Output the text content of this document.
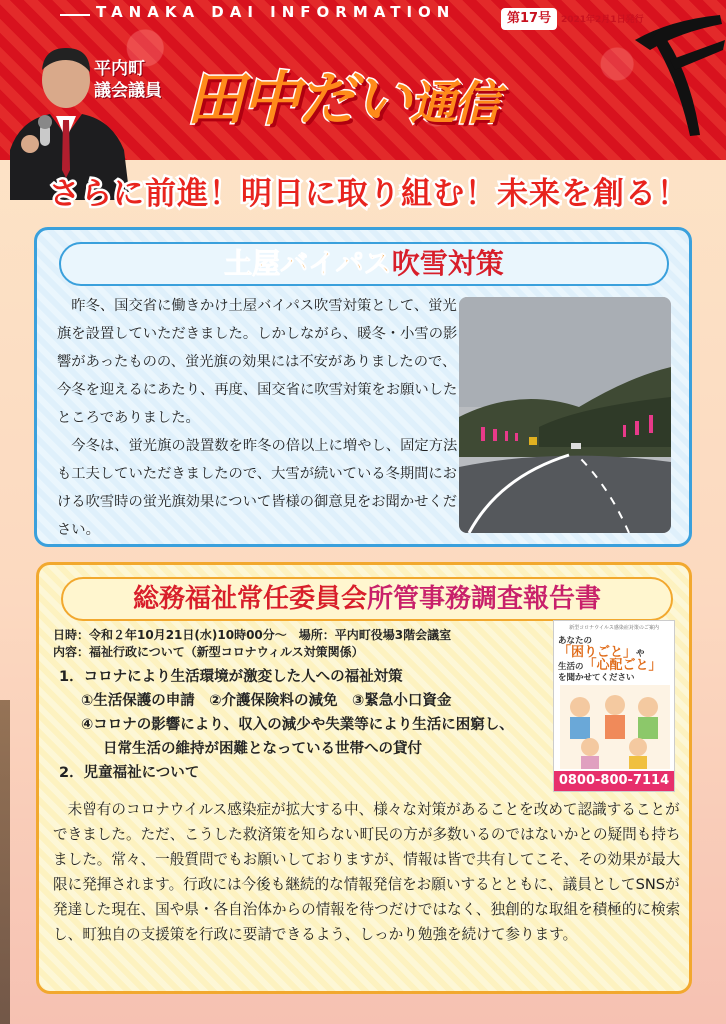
TANAKA DAI INFORMATION	第17号	2021年2月1日発行
平内町
議会議員 田中だい通信
さらに前進！明日に取り組む！未来を創る！
土屋バイパス吹雪対策

昨冬、国交省に働きかけ土屋バイパス吹雪対策として、蛍光旗を設置していただきました。しかしながら、暖冬・小雪の影響があったものの、蛍光旗の効果には不安がありましたので、今冬を迎えるにあたり、再度、国交省に吹雪対策をお願いしたところでありました。

今冬は、蛍光旗の設置数を昨冬の倍以上に増やし、固定方法も工夫していただきましたので、大雪が続いている冬期間における吹雪時の蛍光旗効果について皆様の御意見をお聞かせください。

総務福祉常任委員会所管事務調査報告書
日時：令和２年10月21日(水)10時00分～　場所：平内町役場3階会議室
内容：福祉行政について（新型コロナウィルス対策関係）
1．コロナにより生活環境が激変した人への福祉対策
①生活保護の申請　②介護保険料の減免　③緊急小口資金
④コロナの影響により、収入の減少や失業等により生活に困窮し、
日常生活の維持が困難となっている世帯への貸付
2．児童福祉について
未曾有のコロナウイルス感染症が拡大する中、様々な対策があることを改めて認識することができました。ただ、こうした救済策を知らない町民の方が多数いるのではないかとの疑問も持ちました。常々、一般質問でもお願いしておりますが、情報は皆で共有してこそ、その効果が最大限に発揮されます。行政には今後も継続的な情報発信をお願いするとともに、議員としてSNSが発達した現在、国や県・各自治体からの情報を待つだけではなく、独創的な取組を積極的に検索し、町独自の支援策を行政に要請できるよう、しっかり勉強を続けて参ります。
新型コロナウイルス感染症対策のご案内
あなたの「困りごと」や
生活の「心配ごと」を聞かせてください
0800-800-7114
